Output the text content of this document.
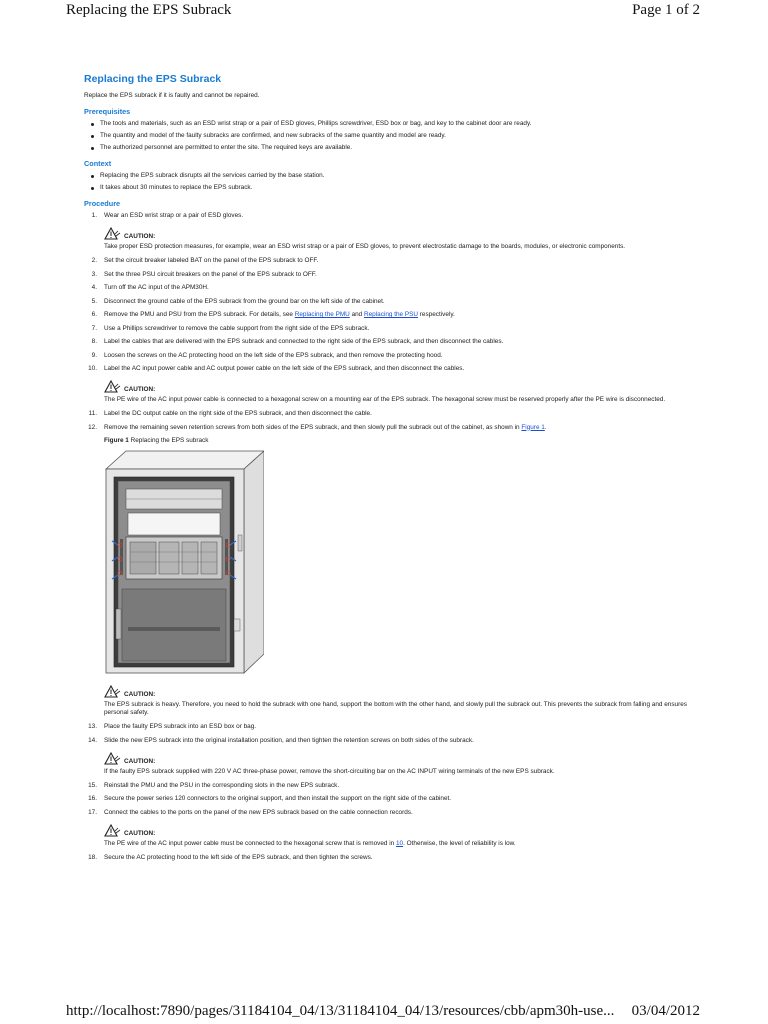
Replacing the EPS Subrack	Page 1 of 2
Replacing the EPS Subrack

Replace the EPS subrack if it is faulty and cannot be repaired.

Prerequisites
The tools and materials, such as an ESD wrist strap or a pair of ESD gloves, Phillips screwdriver, ESD box or bag, and key to the cabinet door are ready.
The quantity and model of the faulty subracks are confirmed, and new subracks of the same quantity and model are ready.
The authorized personnel are permitted to enter the site. The required keys are available.
Context
Replacing the EPS subrack disrupts all the services carried by the base station.
It takes about 30 minutes to replace the EPS subrack.
Procedure
1. Wear an ESD wrist strap or a pair of ESD gloves.
CAUTION:
Take proper ESD protection measures, for example, wear an ESD wrist strap or a pair of ESD gloves, to prevent electrostatic damage to the boards, modules, or electronic components.
2. Set the circuit breaker labeled BAT on the panel of the EPS subrack to OFF.
3. Set the three PSU circuit breakers on the panel of the EPS subrack to OFF.
4. Turn off the AC input of the APM30H.
5. Disconnect the ground cable of the EPS subrack from the ground bar on the left side of the cabinet.
6. Remove the PMU and PSU from the EPS subrack. For details, see Replacing the PMU and Replacing the PSU respectively.
7. Use a Phillips screwdriver to remove the cable support from the right side of the EPS subrack.
8. Label the cables that are delivered with the EPS subrack and connected to the right side of the EPS subrack, and then disconnect the cables.
9. Loosen the screws on the AC protecting hood on the left side of the EPS subrack, and then remove the protecting hood.
10. Label the AC input power cable and AC output power cable on the left side of the EPS subrack, and then disconnect the cables.
CAUTION:
The PE wire of the AC input power cable is connected to a hexagonal screw on a mounting ear of the EPS subrack. The hexagonal screw must be reserved properly after the PE wire is disconnected.
11. Label the DC output cable on the right side of the EPS subrack, and then disconnect the cable.
12. Remove the remaining seven retention screws from both sides of the EPS subrack, and then slowly pull the subrack out of the cabinet, as shown in Figure 1.
Figure 1 Replacing the EPS subrack
CAUTION:
The EPS subrack is heavy. Therefore, you need to hold the subrack with one hand, support the bottom with the other hand, and slowly pull the subrack out. This prevents the subrack from falling and ensures personal safety.
13. Place the faulty EPS subrack into an ESD box or bag.
14. Slide the new EPS subrack into the original installation position, and then tighten the retention screws on both sides of the subrack.
CAUTION:
If the faulty EPS subrack supplied with 220 V AC three-phase power, remove the short-circuiting bar on the AC INPUT wiring terminals of the new EPS subrack.
15. Reinstall the PMU and the PSU in the corresponding slots in the new EPS subrack.
16. Secure the power series 120 connectors to the original support, and then install the support on the right side of the cabinet.
17. Connect the cables to the ports on the panel of the new EPS subrack based on the cable connection records.
CAUTION:
The PE wire of the AC input power cable must be connected to the hexagonal screw that is removed in 10. Otherwise, the level of reliability is low.
18. Secure the AC protecting hood to the left side of the EPS subrack, and then tighten the screws.
http://localhost:7890/pages/31184104_04/13/31184104_04/13/resources/cbb/apm30h-use... 03/04/2012
